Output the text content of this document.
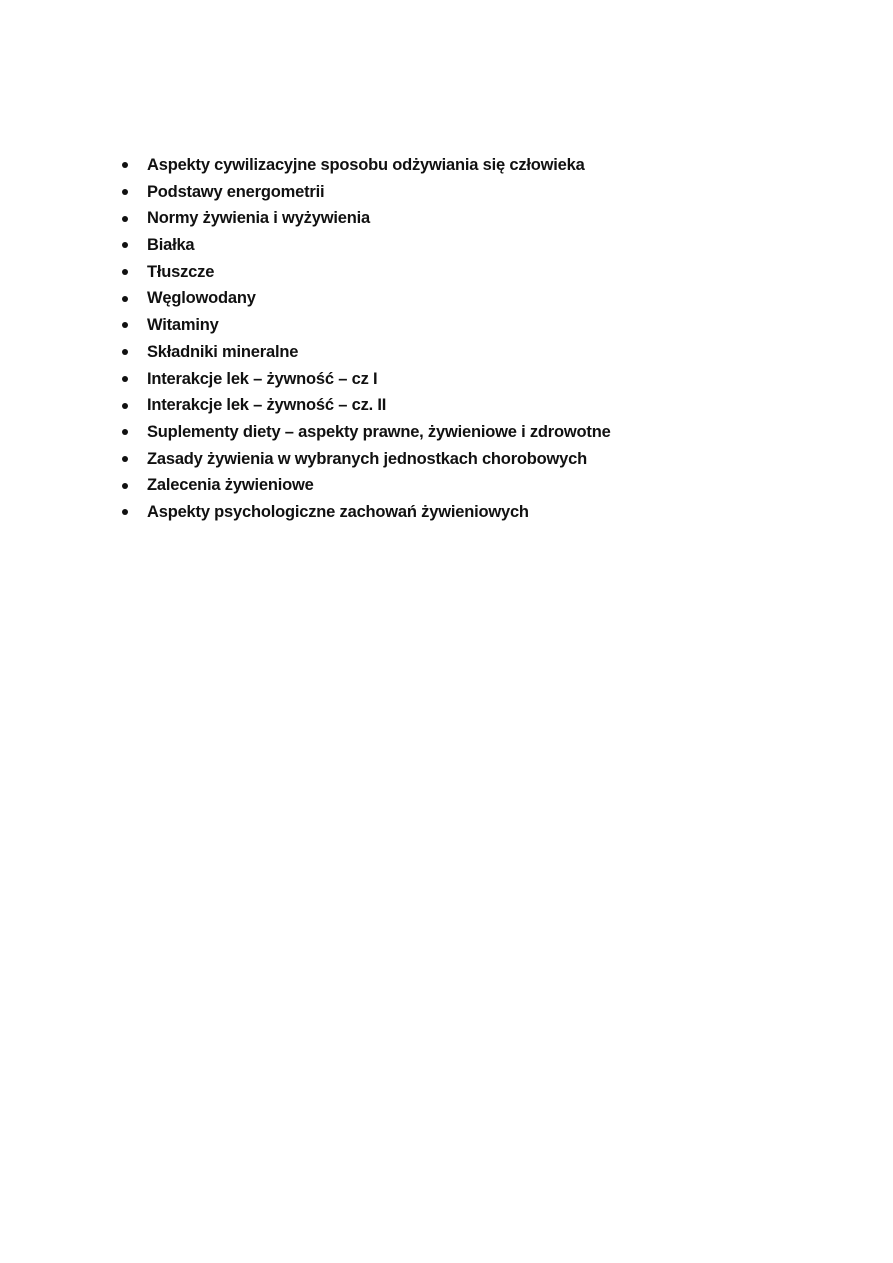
Aspekty cywilizacyjne sposobu odżywiania się człowieka
Podstawy energometrii
Normy żywienia i wyżywienia
Białka
Tłuszcze
Węglowodany
Witaminy
Składniki mineralne
Interakcje lek – żywność – cz I
Interakcje lek – żywność – cz. II
Suplementy diety – aspekty prawne, żywieniowe i zdrowotne
Zasady żywienia w wybranych jednostkach chorobowych
Zalecenia żywieniowe
Aspekty psychologiczne zachowań żywieniowych
